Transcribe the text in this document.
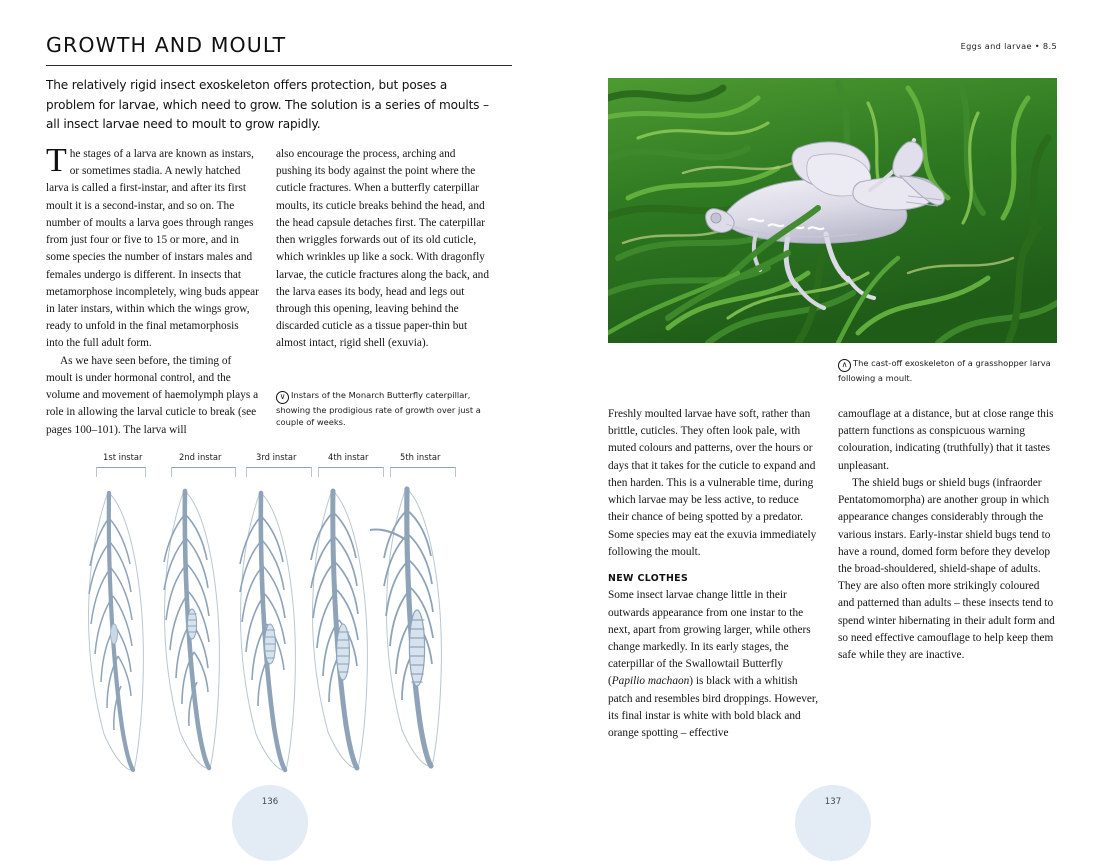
GROWTH AND MOULT
The relatively rigid insect exoskeleton offers protection, but poses a problem for larvae, which need to grow. The solution is a series of moults – all insect larvae need to moult to grow rapidly.

The stages of a larva are known as instars, or sometimes stadia. A newly hatched larva is called a first-instar, and after its first moult it is a second-instar, and so on. The number of moults a larva goes through ranges from just four or five to 15 or more, and in some species the number of instars males and females undergo is different. In insects that metamorphose incompletely, wing buds appear in later instars, within which the wings grow, ready to unfold in the final metamorphosis into the full adult form.

As we have seen before, the timing of moult is under hormonal control, and the volume and movement of haemolymph plays a role in allowing the larval cuticle to break (see pages 100–101). The larva will

also encourage the process, arching and pushing its body against the point where the cuticle fractures. When a butterfly caterpillar moults, its cuticle breaks behind the head, and the head capsule detaches first. The caterpillar then wriggles forwards out of its old cuticle, which wrinkles up like a sock. With dragonfly larvae, the cuticle fractures along the back, and the larva eases its body, head and legs out through this opening, leaving behind the discarded cuticle as a tissue paper-thin but almost intact, rigid shell (exuvia).

∨ Instars of the Monarch Butterfly caterpillar, showing the prodigious rate of growth over just a couple of weeks.
1st instar	2nd instar	3rd instar	4th instar	5th instar
136
Eggs and larvae • 8.5
∧ The cast-off exoskeleton of a grasshopper larva following a moult.

Freshly moulted larvae have soft, rather than brittle, cuticles. They often look pale, with muted colours and patterns, over the hours or days that it takes for the cuticle to expand and then harden. This is a vulnerable time, during which larvae may be less active, to reduce their chance of being spotted by a predator. Some species may eat the exuvia immediately following the moult.

NEW CLOTHES

Some insect larvae change little in their outwards appearance from one instar to the next, apart from growing larger, while others change markedly. In its early stages, the caterpillar of the Swallowtail Butterfly (Papilio machaon) is black with a whitish patch and resembles bird droppings. However, its final instar is white with bold black and orange spotting – effective

camouflage at a distance, but at close range this pattern functions as conspicuous warning colouration, indicating (truthfully) that it tastes unpleasant.

The shield bugs or shield bugs (infraorder Pentatomomorpha) are another group in which appearance changes considerably through the various instars. Early-instar shield bugs tend to have a round, domed form before they develop the broad-shouldered, shield-shape of adults. They are also often more strikingly coloured and patterned than adults – these insects tend to spend winter hibernating in their adult form and so need effective camouflage to help keep them safe while they are inactive.

137
